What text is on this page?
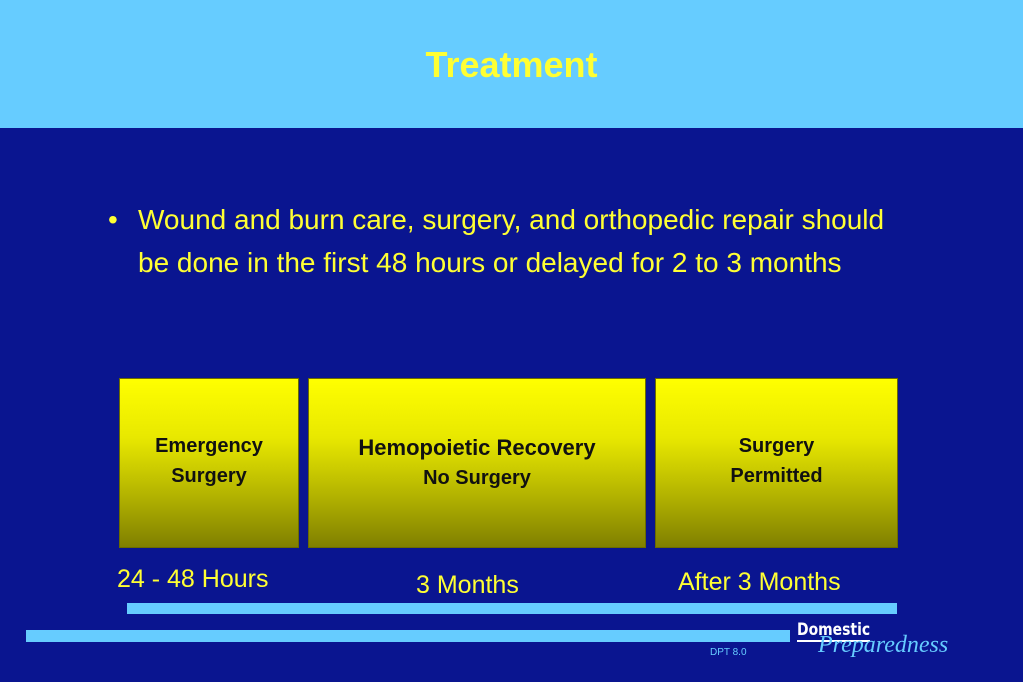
Treatment
• Wound and burn care, surgery, and orthopedic repair should be done in the first 48 hours or delayed for 2 to 3 months
Emergency
Surgery
Hemopoietic Recovery
No Surgery
Surgery
Permitted
24 - 48 Hours	3 Months	After 3 Months
Domestic
Preparedness
DPT 8.0
